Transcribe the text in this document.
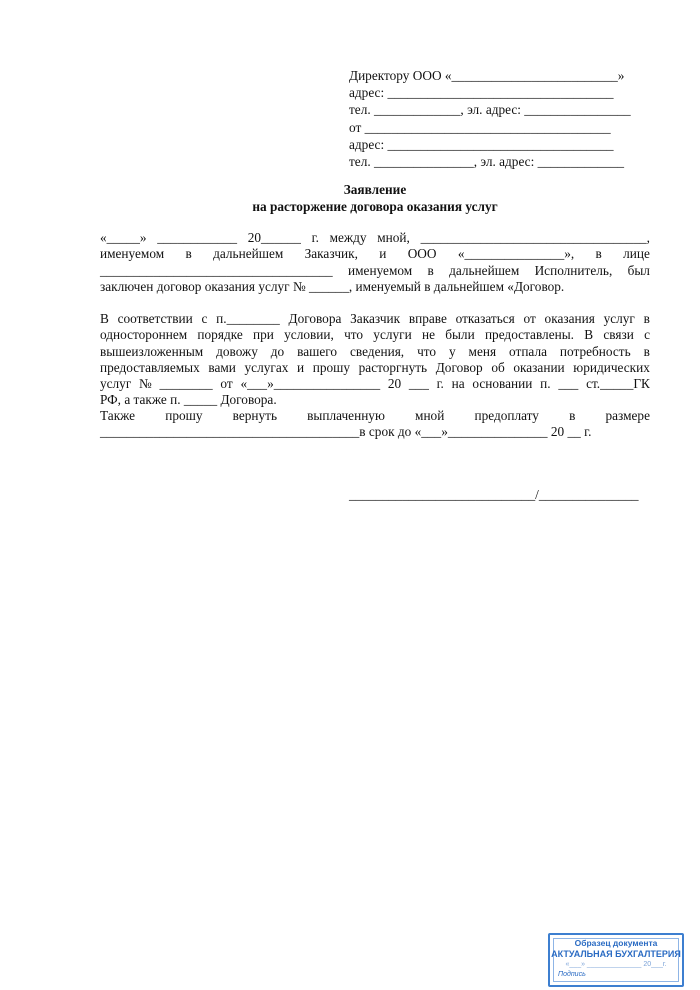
Директору ООО «_________________________»
адрес: __________________________________
тел. _____________, эл. адрес: ________________
от _____________________________________
адрес: __________________________________
тел. _______________, эл. адрес: _____________
Заявление
на расторжение договора оказания услуг
«_____» ____________ 20______ г. между мной, __________________________________,
именуемом в дальнейшем Заказчик, и ООО «_______________», в лице
___________________________________ именуемом в дальнейшем Исполнитель, был
заключен договор оказания услуг № ______, именуемый в дальнейшем «Договор.
В соответствии с п.________ Договора Заказчик вправе отказаться от оказания услуг в
одностороннем порядке при условии, что услуги не были предоставлены. В связи с
вышеизложенным довожу до вашего сведения, что у меня отпала потребность в
предоставляемых вами услугах и прошу расторгнуть Договор об оказании юридических
услуг № ________ от «___»________________ 20 ___ г. на основании п. ___ ст._____ГК
РФ, а также п. _____ Договора.
Также прошу вернуть выплаченную мной предоплату в размере
_______________________________________в срок до «___»_______________ 20 __ г.
____________________________/_______________
Образец документа
АКТУАЛЬНАЯ БУХГАЛТЕРИЯ
«___» ______________ 20___г.
Подпись
